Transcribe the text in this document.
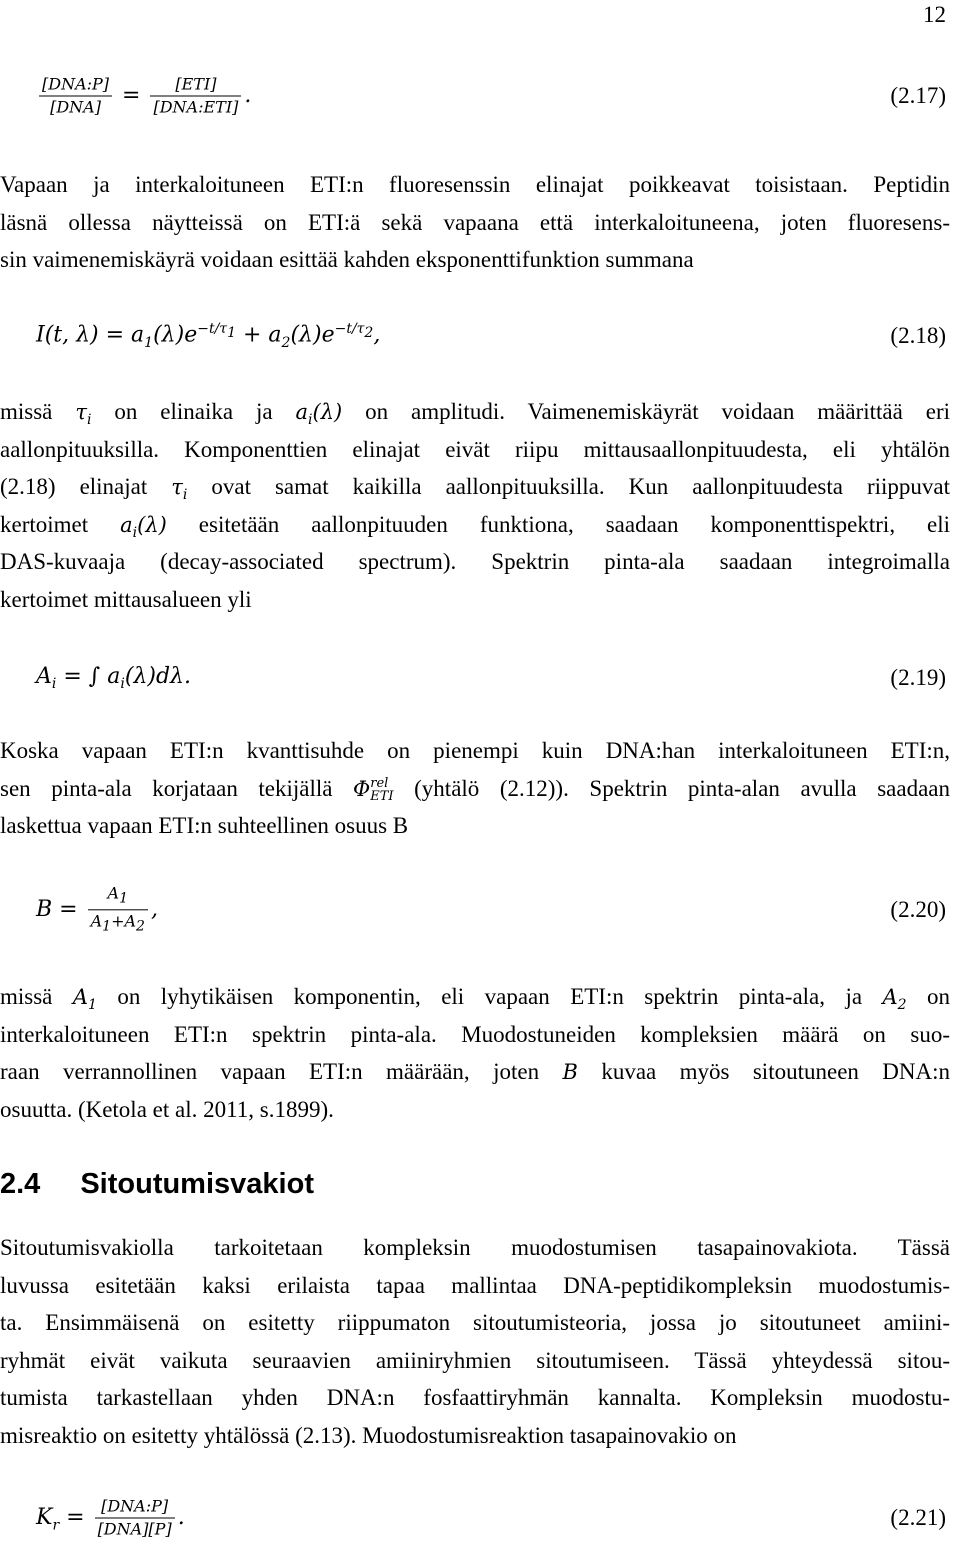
12
$\frac{\text{[DNA:P]}}{\text{[DNA]}} = \frac{\text{[ETI]}}{\text{[DNA:ETI]}}$ .	(2.17)
Vapaan ja interkaloituneen ETI:n fluoresenssin elinajat poikkeavat toisistaan. Peptidin
läsnä ollessa näytteissä on ETI:ä sekä vapaana että interkaloituneena, joten fluoresens-
sin vaimenemiskäyrä voidaan esittää kahden eksponenttifunktion summana
I(t, $\lambda) = a_1(\lambda)e^{-t/\tau_1} + a_2(\lambda)e^{-t/\tau_2}$,	(2.18)
missä $\tau_i$ on elinaika ja $a_i(\lambda)$ on amplitudi. Vaimenemiskäyrät voidaan määrittää eri
aallonpituuksilla. Komponenttien elinajat eivät riipu mittausaallonpituudesta, eli yhtälön
(2.18) elinajat $\tau_i$ ovat samat kaikilla aallonpituuksilla. Kun aallonpituudesta riippuvat
kertoimet $a_i(\lambda)$ esitetään aallonpituuden funktiona, saadaan komponenttispektri, eli
DAS-kuvaaja (decay-associated spectrum). Spektrin pinta-ala saadaan integroimalla
kertoimet mittausalueen yli
$A_i$ = ∫ $a_i(\lambda)d\lambda$.	(2.19)
Koska vapaan ETI:n kvanttisuhde on pienempi kuin DNA:han interkaloituneen ETI:n,
sen pinta-ala korjataan tekijällä Φ rel
ETI (yhtälö (2.12)). Spektrin pinta-alan avulla saadaan
laskettua vapaan ETI:n suhteellinen osuus B
$B = \frac{A_1}{A_1+A_2}$ ,	(2.20)
missä $A_1$ on lyhytikäisen komponentin, eli vapaan ETI:n spektrin pinta-ala, ja $A_2$ on
interkaloituneen ETI:n spektrin pinta-ala. Muodostuneiden kompleksien määrä on suo-
raan verrannollinen vapaan ETI:n määrään, joten B kuvaa myös sitoutuneen DNA:n
osuutta. (Ketola et al. 2011, s.1899).
2.4 Sitoutumisvakiot
Sitoutumisvakiolla tarkoitetaan kompleksin muodostumisen tasapainovakiota. Tässä
luvussa esitetään kaksi erilaista tapaa mallintaa DNA-peptidikompleksin muodostumis-
ta. Ensimmäisenä on esitetty riippumaton sitoutumisteoria, jossa jo sitoutuneet amiini-
ryhmät eivät vaikuta seuraavien amiiniryhmien sitoutumiseen. Tässä yhteydessä sitou-
tumista tarkastellaan yhden DNA:n fosfaattiryhmän kannalta. Kompleksin muodostu-
misreaktio on esitetty yhtälössä (2.13). Muodostumisreaktion tasapainovakio on
$K_r = \frac{\text{[DNA:P]}}{\text{[DNA][P]}}$ .	(2.21)
